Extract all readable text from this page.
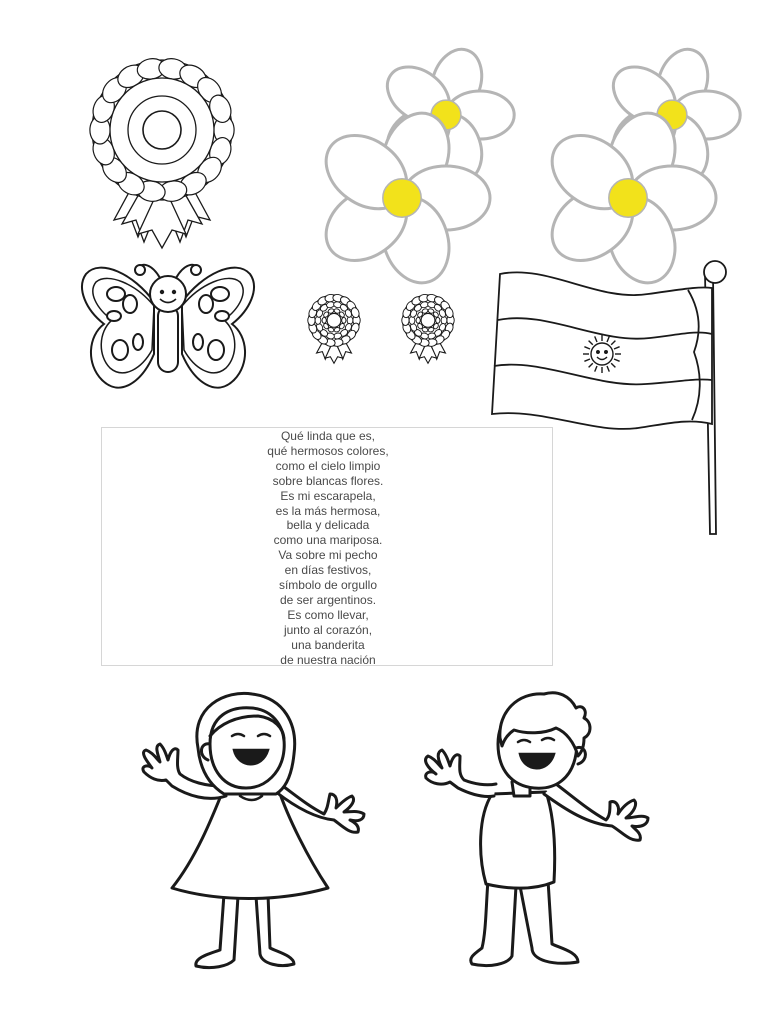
Qué linda que es,
qué hermosos colores,
como el cielo limpio
sobre blancas flores.
Es mi escarapela,
es la más hermosa,
bella y delicada
como una mariposa.
Va sobre mi pecho
en días festivos,
símbolo de orgullo
de ser argentinos.
Es como llevar,
junto al corazón,
una banderita
de nuestra nación
